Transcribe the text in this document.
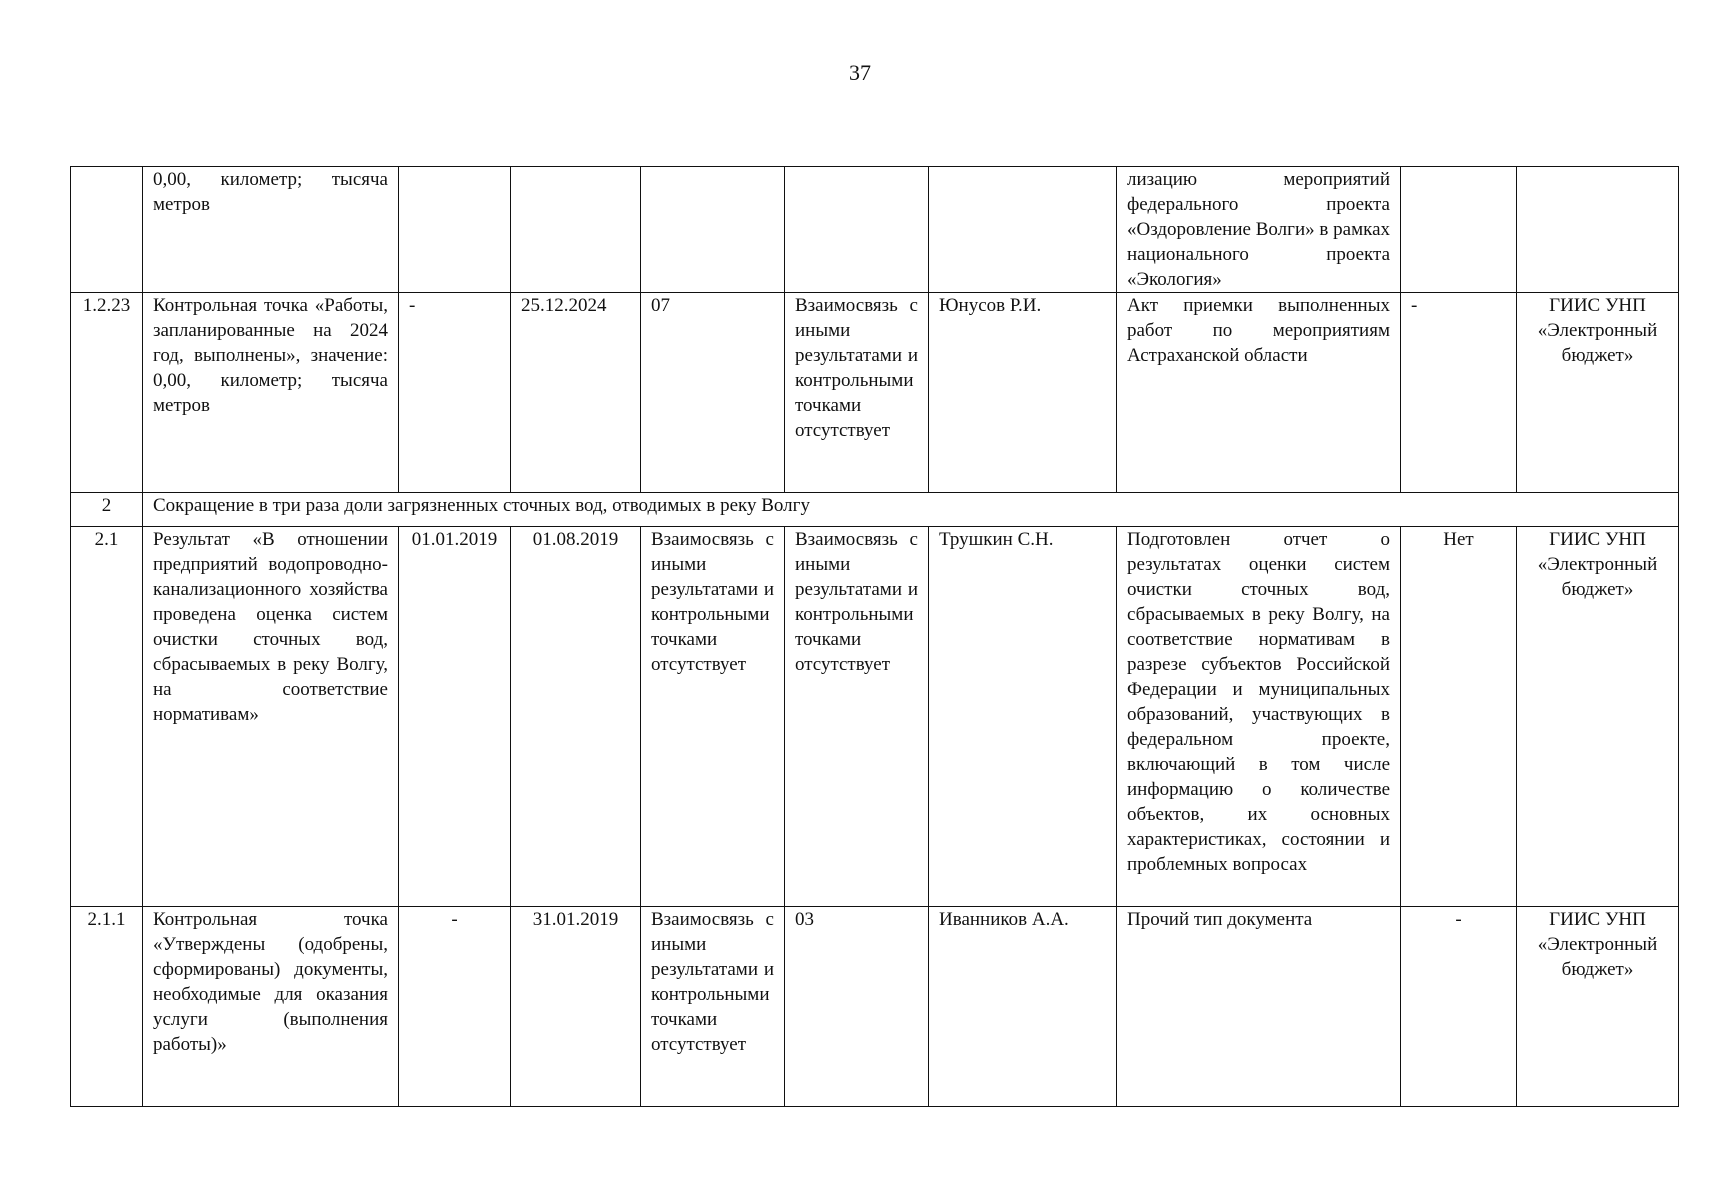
37
	0,00, километр; тысяча метров						лизацию мероприятий федерального проекта «Оздоровление Волги» в рамках национального проекта «Экология»		
1.2.23	Контрольная точка «Работы, запланированные на 2024 год, выполнены», значение: 0,00, километр; тысяча метров	-	25.12.2024	07	Взаимосвязь с иными результатами и контрольными точками отсутствует	Юнусов Р.И.	Акт приемки выполненных работ по мероприятиям Астраханской области	-	ГИИС УНП «Электронный бюджет»
2	Сокращение в три раза доли загрязненных сточных вод, отводимых в реку Волгу								
2.1	Результат «В отношении предприятий водопроводно-канализационного хозяйства проведена оценка систем очистки сточных вод, сбрасываемых в реку Волгу, на соответствие нормативам»	01.01.2019	01.08.2019	Взаимосвязь с иными результатами и контрольными точками отсутствует	Взаимосвязь с иными результатами и контрольными точками отсутствует	Трушкин С.Н.	Подготовлен отчет о результатах оценки систем очистки сточных вод, сбрасываемых в реку Волгу, на соответствие нормативам в разрезе субъектов Российской Федерации и муниципальных образований, участвующих в федеральном проекте, включающий в том числе информацию о количестве объектов, их основных характеристиках, состоянии и проблемных вопросах	Нет	ГИИС УНП «Электронный бюджет»
2.1.1	Контрольная точка «Утверждены (одобрены, сформированы) документы, необходимые для оказания услуги (выполнения работы)»	-	31.01.2019	Взаимосвязь с иными результатами и контрольными точками отсутствует	03	Иванников А.А.	Прочий тип документа	-	ГИИС УНП «Электронный бюджет»
